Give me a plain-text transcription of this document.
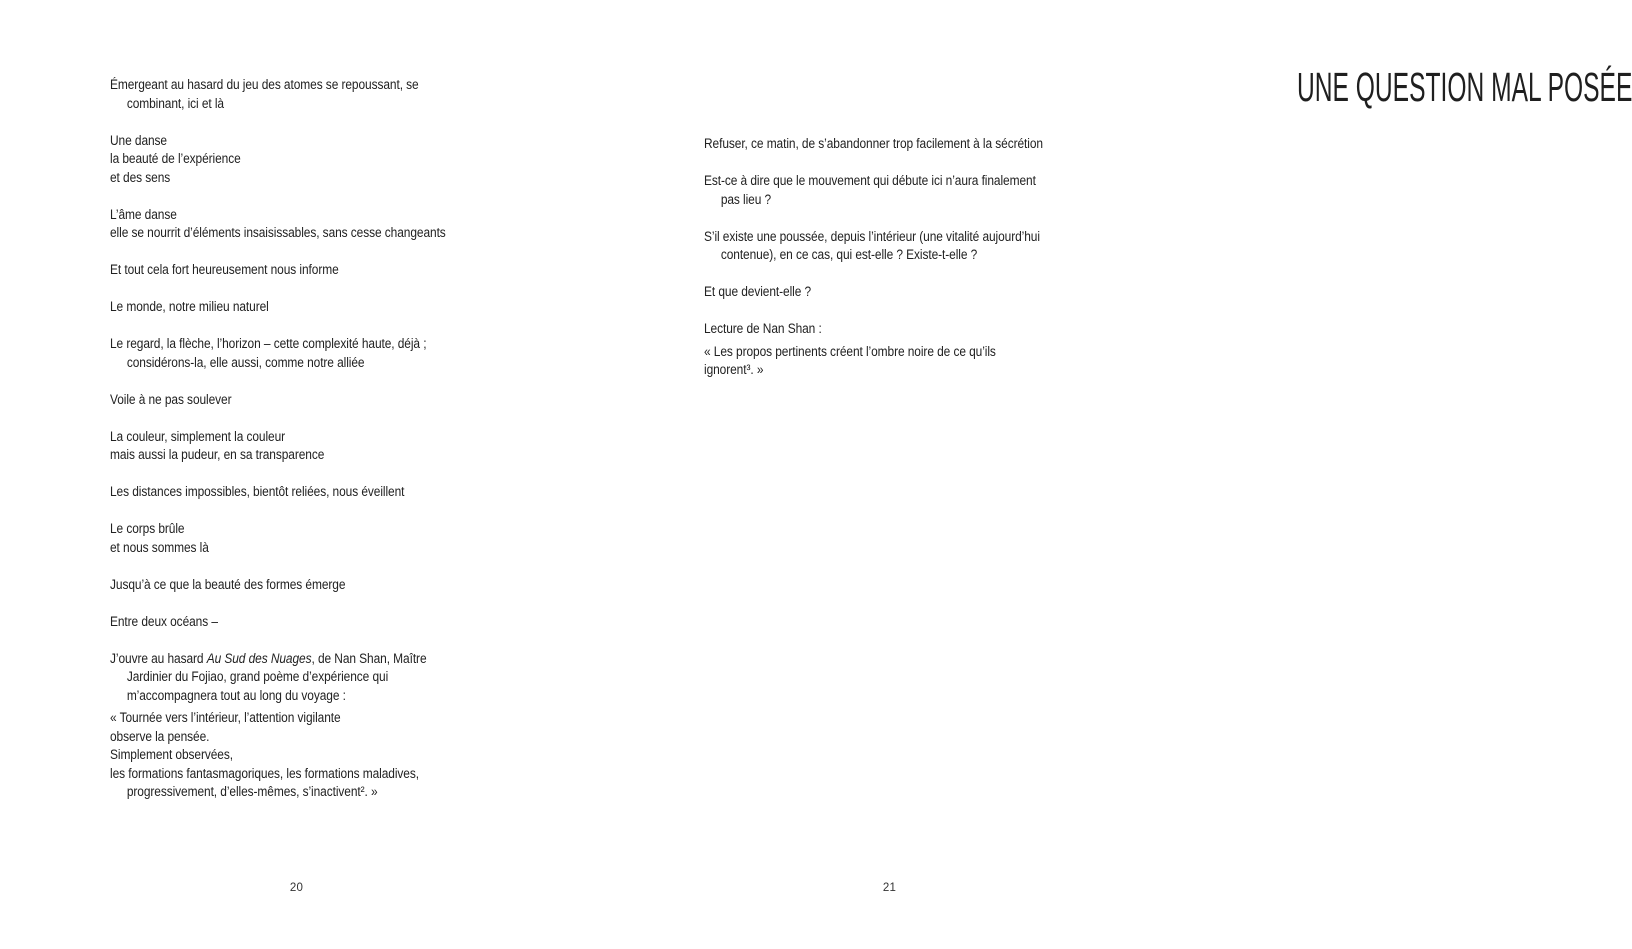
Émergeant au hasard du jeu des atomes se repoussant, se
combinant, ici et là
Une danse
la beauté de l’expérience
et des sens
L’âme danse
elle se nourrit d’éléments insaisissables, sans cesse changeants
Et tout cela fort heureusement nous informe
Le monde, notre milieu naturel
Le regard, la flèche, l’horizon – cette complexité haute, déjà ;
considérons-la, elle aussi, comme notre alliée
Voile à ne pas soulever
La couleur, simplement la couleur
mais aussi la pudeur, en sa transparence
Les distances impossibles, bientôt reliées, nous éveillent
Le corps brûle
et nous sommes là
Jusqu’à ce que la beauté des formes émerge
Entre deux océans –
J’ouvre au hasard Au Sud des Nuages, de Nan Shan, Maître
Jardinier du Fojiao, grand poème d’expérience qui
m’accompagnera tout au long du voyage :
« Tournée vers l’intérieur, l’attention vigilante
observe la pensée.
Simplement observées,
les formations fantasmagoriques, les formations maladives,
progressivement, d’elles-mêmes, s’inactivent². »
20
UNE QUESTION MAL POSÉE
Refuser, ce matin, de s’abandonner trop facilement à la sécrétion
Est-ce à dire que le mouvement qui débute ici n’aura finalement
pas lieu ?
S’il existe une poussée, depuis l’intérieur (une vitalité aujourd’hui
contenue), en ce cas, qui est-elle ? Existe-t-elle ?
Et que devient-elle ?
Lecture de Nan Shan :
« Les propos pertinents créent l’ombre noire de ce qu’ils
ignorent³. »
21
